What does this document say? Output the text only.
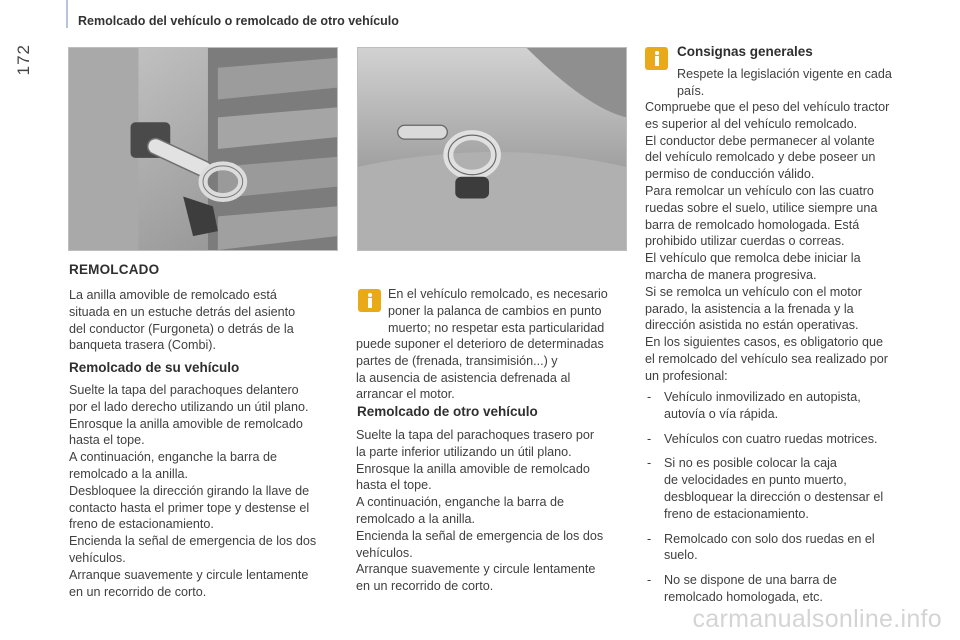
Remolcado del vehículo o remolcado de otro vehículo
172
REMOLCADO
La anilla amovible de remolcado está
situada en un estuche detrás del asiento
del conductor (Furgoneta) o detrás de la
banqueta trasera (Combi).
Remolcado de su vehículo
Suelte la tapa del parachoques delantero
por el lado derecho utilizando un útil plano.
Enrosque la anilla amovible de remolcado
hasta el tope.
A continuación, enganche la barra de
remolcado a la anilla.
Desbloquee la dirección girando la llave de
contacto hasta el primer tope y destense el
freno de estacionamiento.
Encienda la señal de emergencia de los dos
vehículos.
Arranque suavemente y circule lentamente
en un recorrido de corto.
En el vehículo remolcado, es necesario
poner la palanca de cambios en punto
muerto; no respetar esta particularidad
puede suponer el deterioro de determinadas
partes de (frenada, transimisión...) y
la ausencia de asistencia defrenada al
arrancar el motor.
Remolcado de otro vehículo
Suelte la tapa del parachoques trasero por
la parte inferior utilizando un útil plano.
Enrosque la anilla amovible de remolcado
hasta el tope.
A continuación, enganche la barra de
remolcado a la anilla.
Encienda la señal de emergencia de los dos
vehículos.
Arranque suavemente y circule lentamente
en un recorrido de corto.
Consignas generales
Respete la legislación vigente en cada
país.
Compruebe que el peso del vehículo tractor
es superior al del vehículo remolcado.
El conductor debe permanecer al volante
del vehículo remolcado y debe poseer un
permiso de conducción válido.
Para remolcar un vehículo con las cuatro
ruedas sobre el suelo, utilice siempre una
barra de remolcado homologada. Está
prohibido utilizar cuerdas o correas.
El vehículo que remolca debe iniciar la
marcha de manera progresiva.
Si se remolca un vehículo con el motor
parado, la asistencia a la frenada y la
dirección asistida no están operativas.
En los siguientes casos, es obligatorio que
el remolcado del vehículo sea realizado por
un profesional:
- Vehículo inmovilizado en autopista,
autovía o vía rápida.
- Vehículos con cuatro ruedas motrices.
- Si no es posible colocar la caja
de velocidades en punto muerto,
desbloquear la dirección o destensar el
freno de estacionamiento.
- Remolcado con solo dos ruedas en el
suelo.
- No se dispone de una barra de
remolcado homologada, etc.
carmanualsonline.info
